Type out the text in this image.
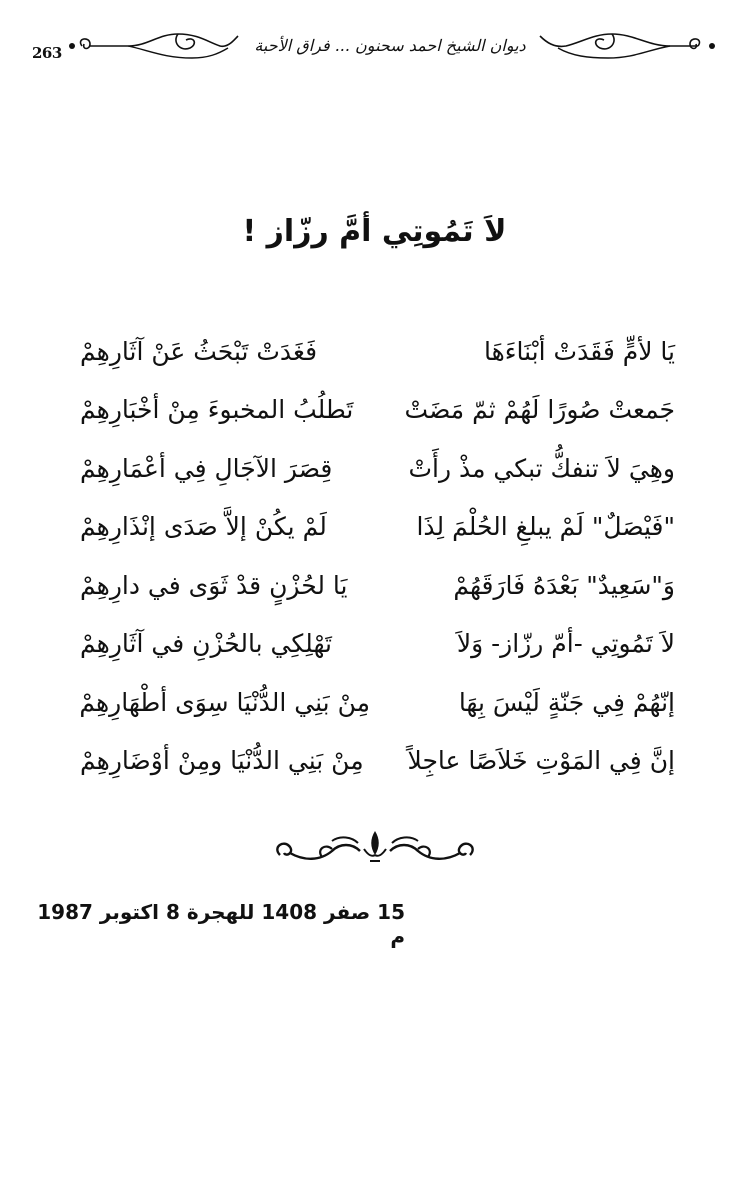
263	ديوان الشيخ احمد سحنون ... فراق الأحبة
لاَ تَمُوتِي أمَّ رزّاز !
يَا لأمٍّ فَقَدَتْ أبْنَاءَهَا
فَغَدَتْ تَبْحَثُ عَنْ آثَارِهِمْ
جَمعتْ صُورًا لَهُمْ ثمّ مَضَتْ
تَطلُبُ المخبوءَ مِنْ أخْبَارِهِمْ
وهِيَ لاَ تنفكُّ تبكي مذْ رأَتْ
قِصَرَ الآجَالِ فِي أعْمَارِهِمْ
"فَيْصَلٌ" لَمْ يبلغِ الحُلْمَ لِذَا
لَمْ يكُنْ إلاَّ صَدَى إنْذَارِهِمْ
وَ"سَعِيدٌ" بَعْدَهُ فَارَقَهُمْ
يَا لحُزْنٍ قدْ ثَوَى في دارِهِمْ
لاَ تَمُوتِي -أمّ رزّاز- وَلاَ
تَهْلِكِي بالحُزْنِ في آثَارِهِمْ
إنّهُمْ فِي جَنّةٍ لَيْسَ بِهَا
مِنْ بَنِي الدُّنْيَا سِوَى أطْهَارِهِمْ
إنَّ فِي المَوْتِ خَلاَصًا عاجِلاً
مِنْ بَنِي الدُّنْيَا ومِنْ أوْضَارِهِمْ
15 صفر 1408 للهجرة 8 اكتوبر 1987 م
